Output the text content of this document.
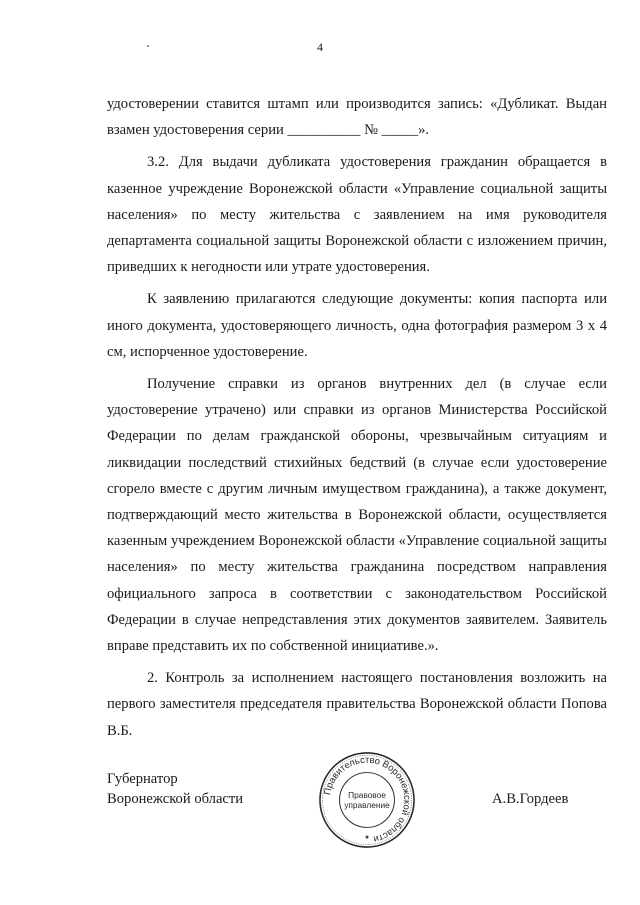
4

удостоверении ставится штамп или производится запись: «Дубликат. Выдан взамен удостоверения серии __________ № _____».

3.2. Для выдачи дубликата удостоверения гражданин обращается в казенное учреждение Воронежской области «Управление социальной защиты населения» по месту жительства с заявлением на имя руководителя департамента социальной защиты Воронежской области с изложением причин, приведших к негодности или утрате удостоверения.

К заявлению прилагаются следующие документы: копия паспорта или иного документа, удостоверяющего личность, одна фотография размером 3 x 4 см, испорченное удостоверение.

Получение справки из органов внутренних дел (в случае если удостоверение утрачено) или справки из органов Министерства Российской Федерации по делам гражданской обороны, чрезвычайным ситуациям и ликвидации последствий стихийных бедствий (в случае если удостоверение сгорело вместе с другим личным имуществом гражданина), а также документ, подтверждающий место жительства в Воронежской области, осуществляется казенным учреждением Воронежской области «Управление социальной защиты населения» по месту жительства гражданина посредством направления официального запроса в соответствии с законодательством Российской Федерации в случае непредставления этих документов заявителем. Заявитель вправе представить их по собственной инициативе.».

2. Контроль за исполнением настоящего постановления возложить на первого заместителя председателя правительства Воронежской области Попова В.Б.

Губернатор
Воронежской области	Правительство Воронежской области
Правовое
управление
★
А.В.Гордеев
